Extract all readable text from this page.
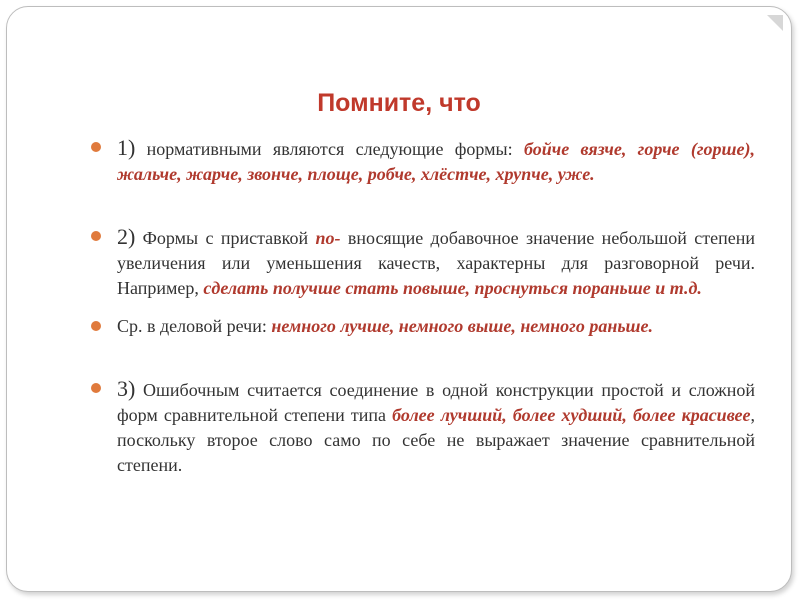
Помните, что
1) нормативными являются следующие формы: бойче вязче, горче (горше), жальче, жарче, звонче, площе, робче, хлёстче, хрупче, уже.
2) Формы с приставкой по- вносящие добавочное значение небольшой степени увеличения или уменьшения качеств, характерны для разговорной речи. Например, сделать получше стать повыше, проснуться пораньше и т.д.
Ср. в деловой речи: немного лучше, немного выше, немного раньше.
3) Ошибочным считается соединение в одной конструкции простой и сложной форм сравнительной степени типа более лучший, более худший, более красивее, поскольку второе слово само по себе не выражает значение сравнительной степени.
